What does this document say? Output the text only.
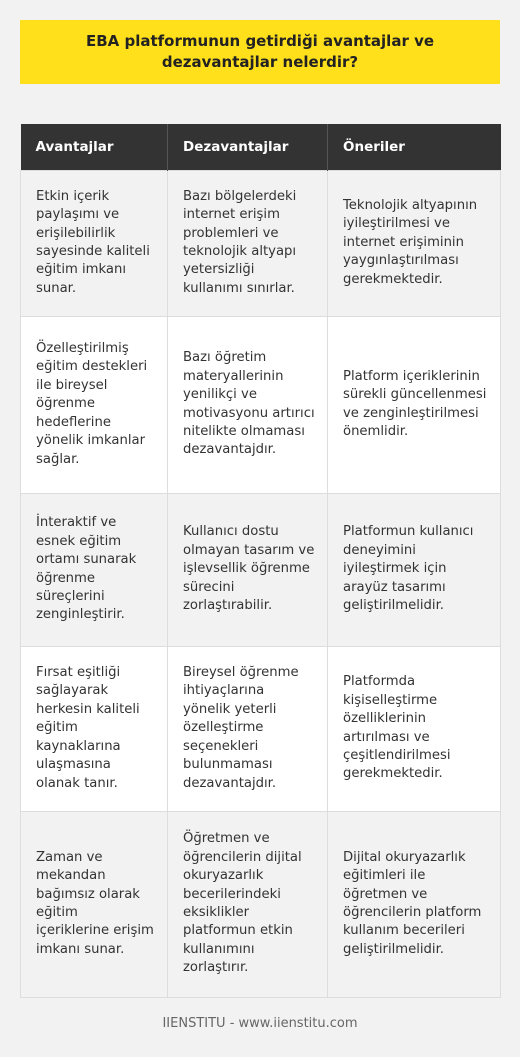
EBA platformunun getirdiği avantajlar ve dezavantajlar nelerdir?
Avantajlar	Dezavantajlar	Öneriler
Etkin içerik paylaşımı ve erişilebilirlik sayesinde kaliteli eğitim imkanı sunar.	Bazı bölgelerdeki internet erişim problemleri ve teknolojik altyapı yetersizliği kullanımı sınırlar.	Teknolojik altyapının iyileştirilmesi ve internet erişiminin yaygınlaştırılması gerekmektedir.
Özelleştirilmiş eğitim destekleri ile bireysel öğrenme hedeflerine yönelik imkanlar sağlar.	Bazı öğretim materyallerinin yenilikçi ve motivasyonu artırıcı nitelikte olmaması dezavantajdır.	Platform içeriklerinin sürekli güncellenmesi ve zenginleştirilmesi önemlidir.
İnteraktif ve esnek eğitim ortamı sunarak öğrenme süreçlerini zenginleştirir.	Kullanıcı dostu olmayan tasarım ve işlevsellik öğrenme sürecini zorlaştırabilir.	Platformun kullanıcı deneyimini iyileştirmek için arayüz tasarımı geliştirilmelidir.
Fırsat eşitliği sağlayarak herkesin kaliteli eğitim kaynaklarına ulaşmasına olanak tanır.	Bireysel öğrenme ihtiyaçlarına yönelik yeterli özelleştirme seçenekleri bulunmaması dezavantajdır.	Platformda kişiselleştirme özelliklerinin artırılması ve çeşitlendirilmesi gerekmektedir.
Zaman ve mekandan bağımsız olarak eğitim içeriklerine erişim imkanı sunar.	Öğretmen ve öğrencilerin dijital okuryazarlık becerilerindeki eksiklikler platformun etkin kullanımını zorlaştırır.	Dijital okuryazarlık eğitimleri ile öğretmen ve öğrencilerin platform kullanım becerileri geliştirilmelidir.
IIENSTITU - www.iienstitu.com
